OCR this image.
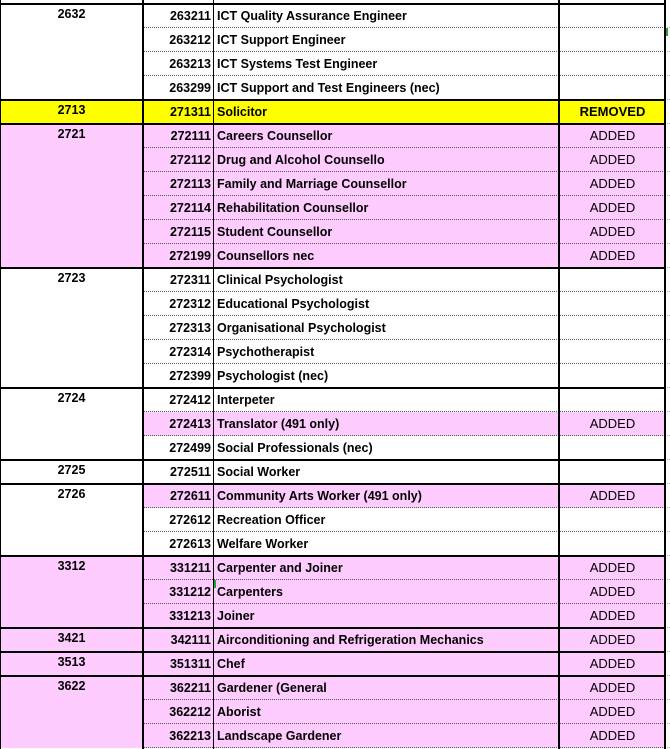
2632	263211 ICT Quality Assurance Engineer
263212 ICT Support Engineer
263213 ICT Systems Test Engineer
263299 ICT Support and Test Engineers (nec)
2713	271311 Solicitor	REMOVED
2721	272111 Careers Counsellor	ADDED
272112 Drug and Alcohol Counsello	ADDED
272113 Family and Marriage Counsellor	ADDED
272114 Rehabilitation Counsellor	ADDED
272115 Student Counsellor	ADDED
272199 Counsellors nec	ADDED
2723	272311 Clinical Psychologist
272312 Educational Psychologist
272313 Organisational Psychologist
272314 Psychotherapist
272399 Psychologist (nec)
2724	272412 Interpeter
272413 Translator (491 only)	ADDED
272499 Social Professionals (nec)
2725	272511 Social Worker
2726	272611 Community Arts Worker (491 only)	ADDED
272612 Recreation Officer
272613 Welfare Worker
3312	331211 Carpenter and Joiner	ADDED
331212 Carpenters	ADDED
331213 Joiner	ADDED
3421	342111 Airconditioning and Refrigeration Mechanics	ADDED
3513	351311 Chef	ADDED
3622	362211 Gardener (General	ADDED
362212 Aborist	ADDED
362213 Landscape Gardener	ADDED
